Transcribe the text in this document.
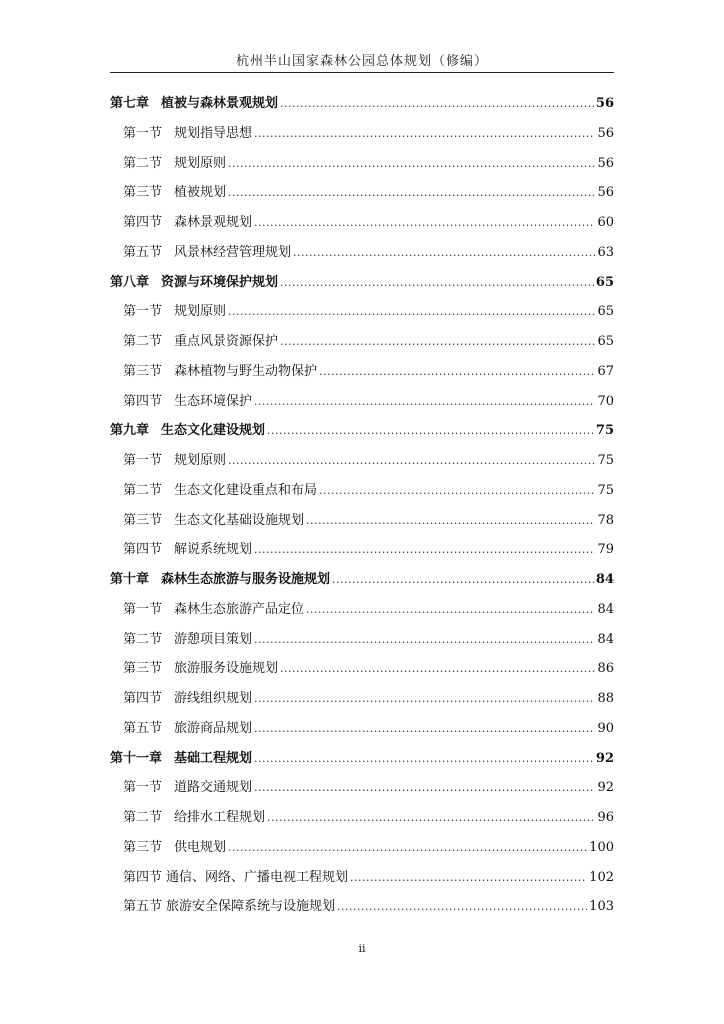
杭州半山国家森林公园总体规划（修编）
第七章 植被与森林景观规划 .....	56
第一节 规划指导思想 .....	56
第二节 规划原则 .....	56
第三节 植被规划 .....	56
第四节 森林景观规划 .....	60
第五节 风景林经营管理规划 .....	63
第八章 资源与环境保护规划 .....	65
第一节 规划原则 .....	65
第二节 重点风景资源保护 .....	65
第三节 森林植物与野生动物保护 .....	67
第四节 生态环境保护 .....	70
第九章 生态文化建设规划 .....	75
第一节 规划原则 .....	75
第二节 生态文化建设重点和布局 .....	75
第三节 生态文化基础设施规划 .....	78
第四节 解说系统规划 .....	79
第十章 森林生态旅游与服务设施规划 .....	84
第一节 森林生态旅游产品定位 .....	84
第二节 游憩项目策划 .....	84
第三节 旅游服务设施规划 .....	86
第四节 游线组织规划 .....	88
第五节 旅游商品规划 .....	90
第十一章 基础工程规划 .....	92
第一节 道路交通规划 .....	92
第二节 给排水工程规划 .....	96
第三节 供电规划 .....	100
第四节 通信、网络、广播电视工程规划 .....	102
第五节 旅游安全保障系统与设施规划 .....	103
ii
